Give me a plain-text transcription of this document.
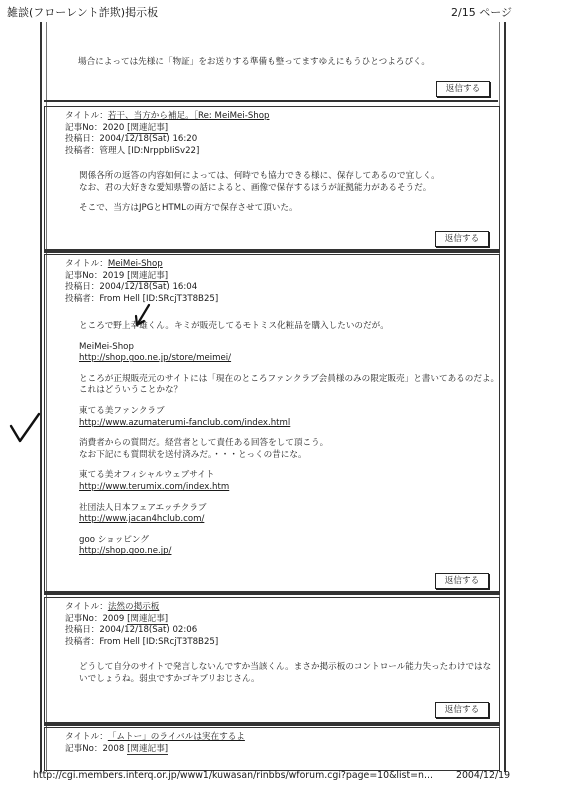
雑談(フローレント詐欺)掲示板	2/15 ページ
場合によっては先様に「物証」をお送りする準備も整ってますゆえにもうひとつよろぴく。
返信する
タイトル：若干、当方から補足。［Re: MeiMei-Shop
記事No：2020 [関連記事]
投稿日：2004/12/18(Sat) 16:20
投稿者：管理人 [ID:NrppbIiSv22]
関係各所の返答の内容如何によっては、何時でも協力できる様に、保存してあるので宜しく。
なお、君の大好きな愛知県警の話によると、画像で保存するほうが証拠能力があるそうだ。
そこで、当方はJPGとHTMLの両方で保存させて頂いた。
返信する
タイトル：MeiMei-Shop
記事No：2019 [関連記事]
投稿日：2004/12/18(Sat) 16:04
投稿者：From Hell [ID:SRcjT3T8B25]
ところで野上幸雄くん。キミが販売してるモトミス化粧品を購入したいのだが。
MeiMei-Shop
http://shop.goo.ne.jp/store/meimei/
ところが正規販売元のサイトには「現在のところファンクラブ会員様のみの限定販売」と書いてあるのだよ。
これはどういうことかな？
東てる美ファンクラブ
http://www.azumaterumi-fanclub.com/index.html
消費者からの質問だ。経営者として責任ある回答をして頂こう。
なお下記にも質問状を送付済みだ。・・・とっくの昔にな。
東てる美オフィシャルウェブサイト
http://www.terumix.com/index.htm
社団法人日本フェアエッチクラブ
http://www.jacan4hclub.com/
goo ショッピング
http://shop.goo.ne.jp/
返信する
タイトル：法然の掲示板
記事No：2009 [関連記事]
投稿日：2004/12/18(Sat) 02:06
投稿者：From Hell [ID:SRcjT3T8B25]
どうして自分のサイトで発言しないんですか当該くん。まさか掲示板のコントロール能力失ったわけではな
いでしょうね。弱虫ですかゴキブリおじさん。
返信する
タイトル：「ムトー」のライバルは実在するよ
記事No：2008 [関連記事]
http://cgi.members.interq.or.jp/www1/kuwasan/rinbbs/wforum.cgi?page=10&list=n... 2004/12/19
